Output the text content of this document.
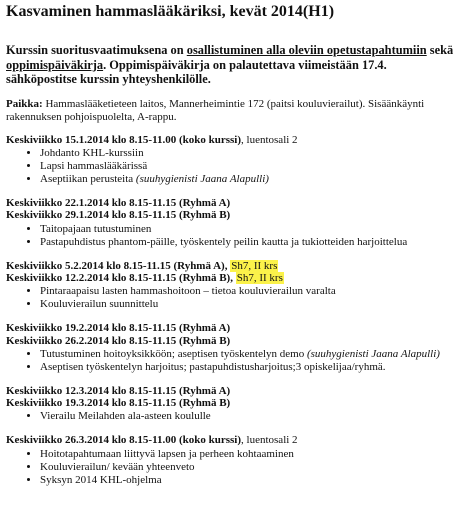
Kasvaminen hammaslääkäriksi, kevät 2014(H1)
Kurssin suoritusvaatimuksena on osallistuminen alla oleviin opetustapahtumiin sekä oppimispäiväkirja. Oppimispäiväkirja on palautettava viimeistään 17.4. sähköpostitse kurssin yhteyshenkilölle.
Paikka: Hammaslääketieteen laitos, Mannerheimintie 172 (paitsi kouluvierailut). Sisäänkäynti rakennuksen pohjoispuolelta, A-rappu.
Keskiviikko 15.1.2014 klo 8.15-11.00 (koko kurssi), luentosali 2
• Johdanto KHL-kurssiin
• Lapsi hammaslääkärissä
• Aseptiikan perusteita (suuhygienisti Jaana Alapulli)
Keskiviikko 22.1.2014 klo 8.15-11.15 (Ryhmä A)
Keskiviikko 29.1.2014 klo 8.15-11.15 (Ryhmä B)
• Taitopajaan tutustuminen
• Pastapuhdistus phantom-päille, työskentely peilin kautta ja tukiotteiden harjoittelua
Keskiviikko 5.2.2014 klo 8.15-11.15 (Ryhmä A), Sh7, II krs
Keskiviikko 12.2.2014 klo 8.15-11.15 (Ryhmä B), Sh7, II krs
• Pintaraapaisu lasten hammashoitoon – tietoa kouluvierailun varalta
• Kouluvierailun suunnittelu
Keskiviikko 19.2.2014 klo 8.15-11.15 (Ryhmä A)
Keskiviikko 26.2.2014 klo 8.15-11.15 (Ryhmä B)
• Tutustuminen hoitoyksikköön; aseptisen työskentelyn demo (suuhygienisti Jaana Alapulli)
• Aseptisen työskentelyn harjoitus; pastapuhdistusharjoitus;3 opiskelijaa/ryhmä.
Keskiviikko 12.3.2014 klo 8.15-11.15 (Ryhmä A)
Keskiviikko 19.3.2014 klo 8.15-11.15 (Ryhmä B)
• Vierailu Meilahden ala-asteen koululle
Keskiviikko 26.3.2014 klo 8.15-11.00 (koko kurssi), luentosali 2
• Hoitotapahtumaan liittyvä lapsen ja perheen kohtaaminen
• Kouluvierailun/ kevään yhteenveto
• Syksyn 2014 KHL-ohjelma
